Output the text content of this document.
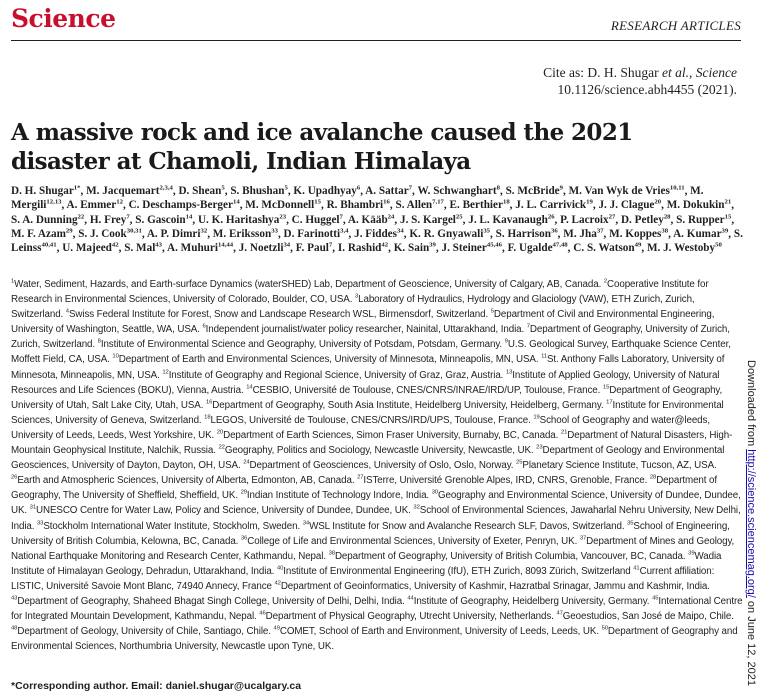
Science	RESEARCH ARTICLES
Cite as: D. H. Shugar et al., Science
10.1126/science.abh4455 (2021).
A massive rock and ice avalanche caused the 2021 disaster at Chamoli, Indian Himalaya

D. H. Shugar$^{1*}$, M. Jacquemart$^{2,3,4}$, D. Shean$^5$, S. Bhushan$^5$, K. Upadhyay$^6$, A. Sattar$^7$, W. Schwanghart$^8$, S. McBride$^9$, M. Van Wyk de Vries$^{10,11}$, M. Mergili$^{12,13}$, A. Emmer$^{12}$, C. Deschamps-Berger$^{14}$, M. McDonnell$^{15}$, R. Bhambri$^{16}$, S. Allen$^{7,17}$, E. Berthier$^{18}$, J. L. Carrivick$^{19}$, J. J. Clague$^{20}$, M. Dokukin$^{21}$, S. A. Dunning$^{22}$, H. Frey$^7$, S. Gascoin$^{14}$, U. K. Haritashya$^{23}$, C. Huggel$^7$, A. Kääb$^{24}$, J. S. Kargel$^{25}$, J. L. Kavanaugh$^{26}$, P. Lacroix$^{27}$, D. Petley$^{28}$, S. Rupper$^{15}$, M. F. Azam$^{29}$, S. J. Cook$^{30,31}$, A. P. Dimri$^{32}$, M. Eriksson$^{33}$, D. Farinotti$^{3,4}$, J. Fiddes$^{34}$, K. R. Gnyawali$^{35}$, S. Harrison$^{36}$, M. Jha$^{37}$, M. Koppes$^{38}$, A. Kumar$^{39}$, S. Leinss$^{40,41}$, U. Majeed$^{42}$, S. Mal$^{43}$, A. Muhuri$^{14,44}$, J. Noetzli$^{34}$, F. Paul$^7$, I. Rashid$^{42}$, K. Sain$^{39}$, J. Steiner$^{45,46}$, F. Ugalde$^{47,48}$, C. S. Watson$^{49}$, M. J. Westoby$^{50}$

$^1$Water, Sediment, Hazards, and Earth-surface Dynamics (waterSHED) Lab, Department of Geoscience, University of Calgary, AB, Canada. $^2$Cooperative Institute for Research in Environmental Sciences, University of Colorado, Boulder, CO, USA. $^3$Laboratory of Hydraulics, Hydrology and Glaciology (VAW), ETH Zurich, Zurich, Switzerland. $^4$Swiss Federal Institute for Forest, Snow and Landscape Research WSL, Birmensdorf, Switzerland. $^5$Department of Civil and Environmental Engineering, University of Washington, Seattle, WA, USA. $^6$Independent journalist/water policy researcher, Nainital, Uttarakhand, India. $^7$Department of Geography, University of Zurich, Zurich, Switzerland. $^8$Institute of Environmental Science and Geography, University of Potsdam, Potsdam, Germany. $^9$U.S. Geological Survey, Earthquake Science Center, Moffett Field, CA, USA. $^{10}$Department of Earth and Environmental Sciences, University of Minnesota, Minneapolis, MN, USA. $^{11}$St. Anthony Falls Laboratory, University of Minnesota, Minneapolis, MN, USA. $^{12}$Institute of Geography and Regional Science, University of Graz, Graz, Austria. $^{13}$Institute of Applied Geology, University of Natural Resources and Life Sciences (BOKU), Vienna, Austria. $^{14}$CESBIO, Université de Toulouse, CNES/CNRS/INRAE/IRD/UP, Toulouse, France. $^{15}$Department of Geography, University of Utah, Salt Lake City, Utah, USA. $^{16}$Department of Geography, South Asia Institute, Heidelberg University, Heidelberg, Germany. $^{17}$Institute for Environmental Sciences, University of Geneva, Switzerland. $^{18}$LEGOS, Université de Toulouse, CNES/CNRS/IRD/UPS, Toulouse, France. $^{19}$School of Geography and water@leeds, University of Leeds, Leeds, West Yorkshire, UK. $^{20}$Department of Earth Sciences, Simon Fraser University, Burnaby, BC, Canada. $^{21}$Department of Natural Disasters, High-Mountain Geophysical Institute, Nalchik, Russia. $^{22}$Geography, Politics and Sociology, Newcastle University, Newcastle, UK. $^{23}$Department of Geology and Environmental Geosciences, University of Dayton, Dayton, OH, USA. $^{24}$Department of Geosciences, University of Oslo, Oslo, Norway. $^{25}$Planetary Science Institute, Tucson, AZ, USA. $^{26}$Earth and Atmospheric Sciences, University of Alberta, Edmonton, AB, Canada. $^{27}$ISTerre, Université Grenoble Alpes, IRD, CNRS, Grenoble, France. $^{28}$Department of Geography, The University of Sheffield, Sheffield, UK. $^{29}$Indian Institute of Technology Indore, India. $^{30}$Geography and Environmental Science, University of Dundee, Dundee, UK. $^{31}$UNESCO Centre for Water Law, Policy and Science, University of Dundee, Dundee, UK. $^{32}$School of Environmental Sciences, Jawaharlal Nehru University, New Delhi, India. $^{33}$Stockholm International Water Institute, Stockholm, Sweden. $^{34}$WSL Institute for Snow and Avalanche Research SLF, Davos, Switzerland. $^{35}$School of Engineering, University of British Columbia, Kelowna, BC, Canada. $^{36}$College of Life and Environmental Sciences, University of Exeter, Penryn, UK. $^{37}$Department of Mines and Geology, National Earthquake Monitoring and Research Center, Kathmandu, Nepal. $^{38}$Department of Geography, University of British Columbia, Vancouver, BC, Canada. $^{39}$Wadia Institute of Himalayan Geology, Dehradun, Uttarakhand, India. $^{40}$Institute of Environmental Engineering (IfU), ETH Zurich, 8093 Zürich, Switzerland $^{41}$Current affiliation: LISTIC, Université Savoie Mont Blanc, 74940 Annecy, France $^{42}$Department of Geoinformatics, University of Kashmir, Hazratbal Srinagar, Jammu and Kashmir, India. $^{43}$Department of Geography, Shaheed Bhagat Singh College, University of Delhi, Delhi, India. $^{44}$Institute of Geography, Heidelberg University, Germany. $^{45}$International Centre for Integrated Mountain Development, Kathmandu, Nepal. $^{46}$Department of Physical Geography, Utrecht University, Netherlands. $^{47}$Geoestudios, San José de Maipo, Chile. $^{48}$Department of Geology, University of Chile, Santiago, Chile. $^{49}$COMET, School of Earth and Environment, University of Leeds, Leeds, UK. $^{50}$Department of Geography and Environmental Sciences, Northumbria University, Newcastle upon Tyne, UK.

*Corresponding author. Email: daniel.shugar@ucalgary.ca
Downloaded from http://science.sciencemag.org/ on June 12, 2021
